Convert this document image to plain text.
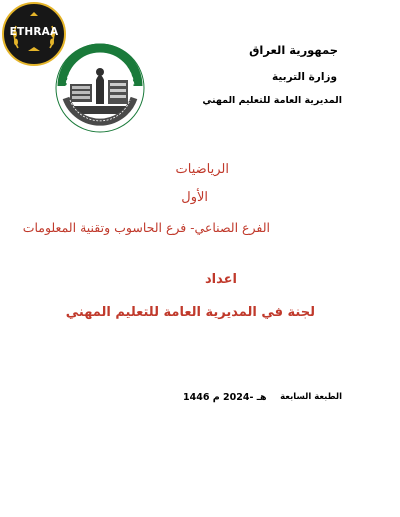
ETHRAA
جمهورية العراق
وزارة التربية
المديرية العامة للتعليم المهني
الرياضيات
الأول
الفرع الصناعي- فرع الحاسوب وتقنية المعلومات
اعداد
لجنة في المديرية العامة للتعليم المهني
الطبعة السابعة
1446 هـ -2024 م
